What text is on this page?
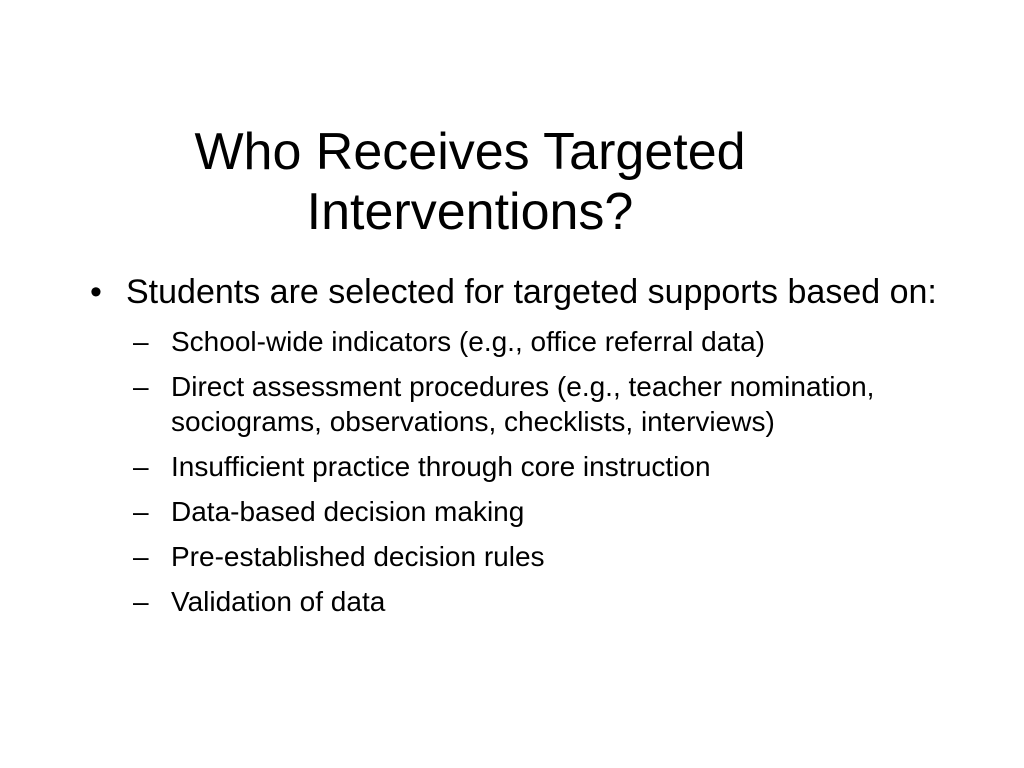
Who Receives Targeted
Interventions?
• Students are selected for targeted supports based on:
– School-wide indicators (e.g., office referral data)
– Direct assessment procedures (e.g., teacher nomination, sociograms, observations, checklists, interviews)
– Insufficient practice through core instruction
– Data-based decision making
– Pre-established decision rules
– Validation of data
